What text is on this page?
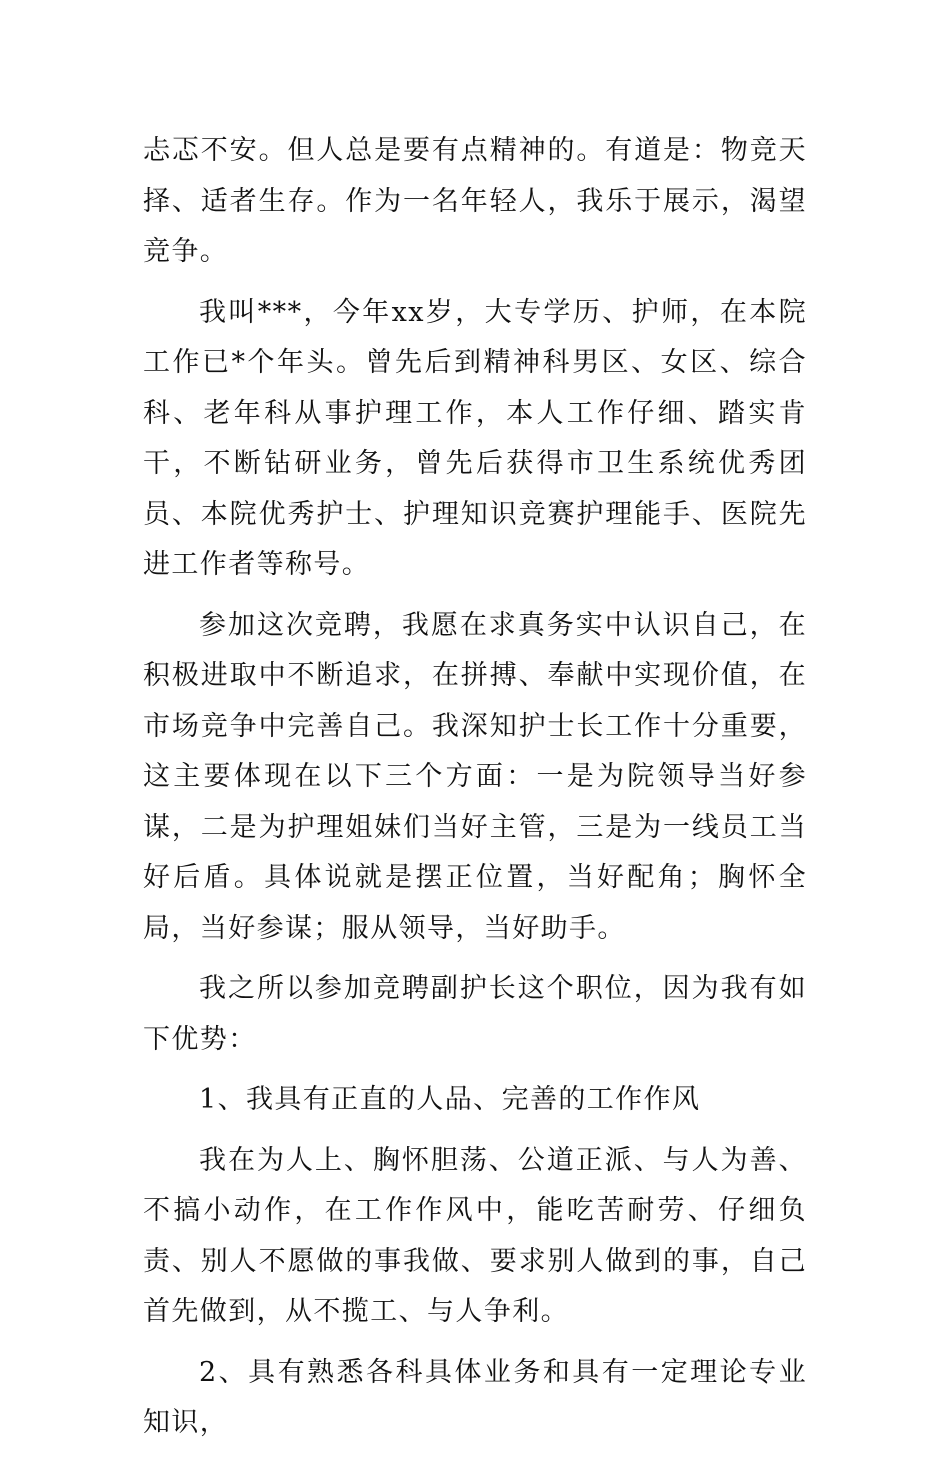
忐忑不安。但人总是要有点精神的。有道是：物竞天择、适者生存。作为一名年轻人，我乐于展示，渴望竞争。

我叫***，今年xx岁，大专学历、护师，在本院工作已*个年头。曾先后到精神科男区、女区、综合科、老年科从事护理工作，本人工作仔细、踏实肯干，不断钻研业务，曾先后获得市卫生系统优秀团员、本院优秀护士、护理知识竞赛护理能手、医院先进工作者等称号。

参加这次竞聘，我愿在求真务实中认识自己，在积极进取中不断追求，在拼搏、奉献中实现价值，在市场竞争中完善自己。我深知护士长工作十分重要，这主要体现在以下三个方面：一是为院领导当好参谋，二是为护理姐妹们当好主管，三是为一线员工当好后盾。具体说就是摆正位置，当好配角；胸怀全局，当好参谋；服从领导，当好助手。

我之所以参加竞聘副护长这个职位，因为我有如下优势：

1、我具有正直的人品、完善的工作作风

我在为人上、胸怀胆荡、公道正派、与人为善、不搞小动作，在工作作风中，能吃苦耐劳、仔细负责、别人不愿做的事我做、要求别人做到的事，自己首先做到，从不揽工、与人争利。

2、具有熟悉各科具体业务和具有一定理论专业知识，
